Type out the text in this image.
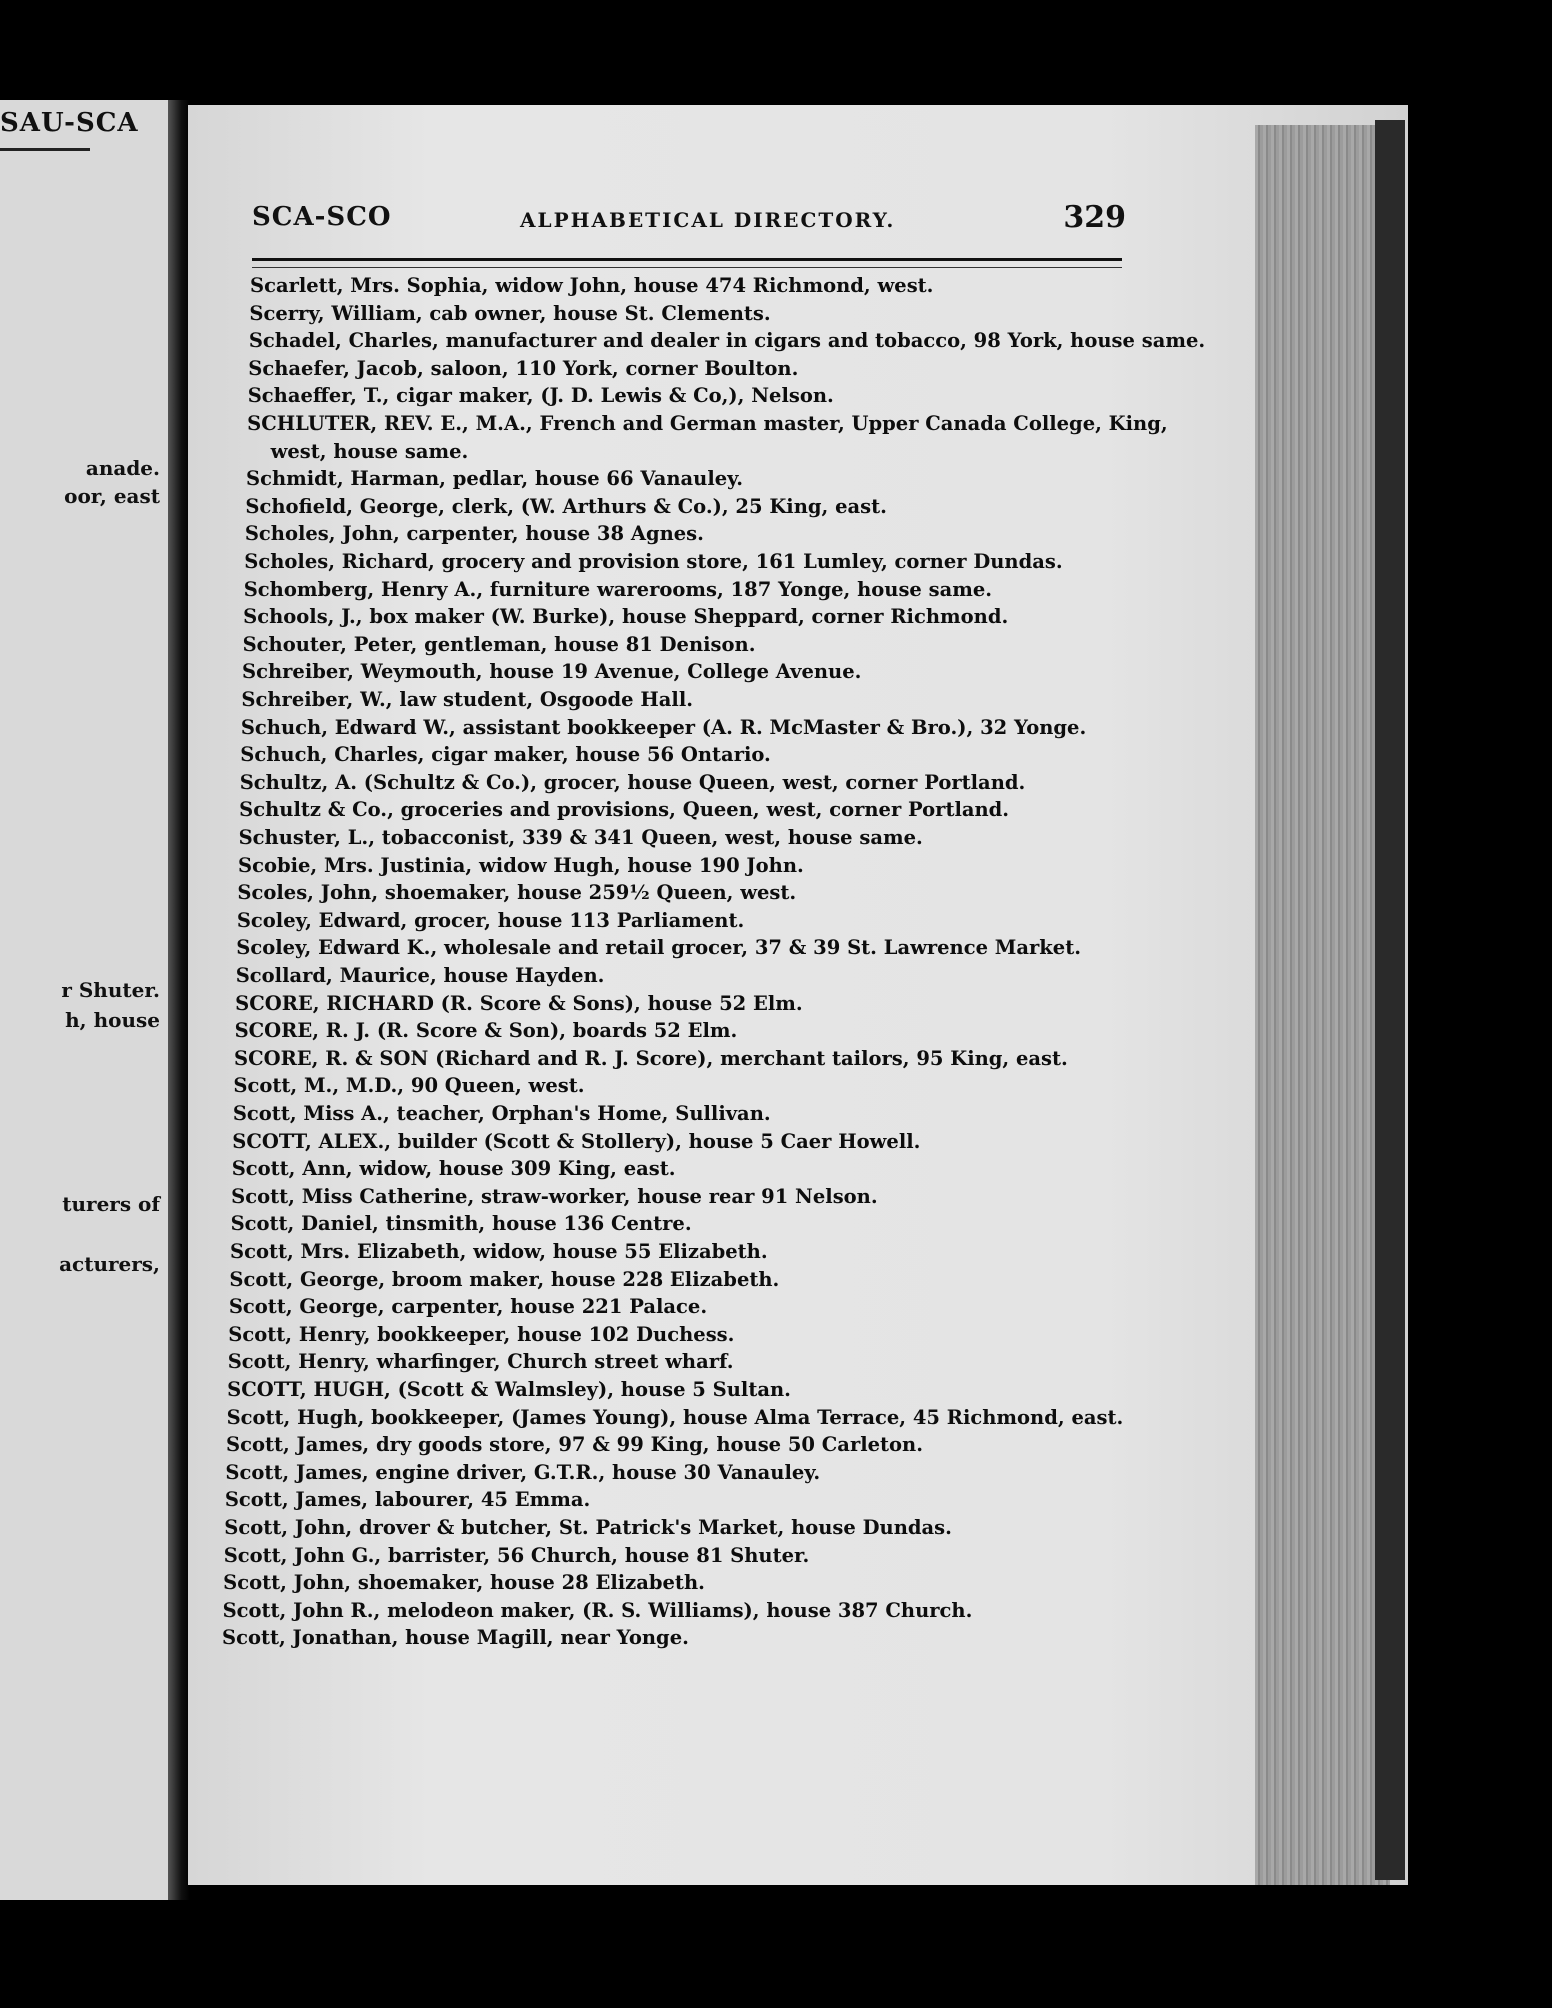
SAU-SCA
anade.
oor, east
r Shuter.
h, house
turers of
acturers,
SCA-SCO	ALPHABETICAL DIRECTORY.	329
Scarlett, Mrs. Sophia, widow John, house 474 Richmond, west.
Scerry, William, cab owner, house St. Clements.
Schadel, Charles, manufacturer and dealer in cigars and tobacco, 98 York, house same.
Schaefer, Jacob, saloon, 110 York, corner Boulton.
Schaeffer, T., cigar maker, (J. D. Lewis & Co,), Nelson.
SCHLUTER, REV. E., M.A., French and German master, Upper Canada College, King,
west, house same.
Schmidt, Harman, pedlar, house 66 Vanauley.
Schofield, George, clerk, (W. Arthurs & Co.), 25 King, east.
Scholes, John, carpenter, house 38 Agnes.
Scholes, Richard, grocery and provision store, 161 Lumley, corner Dundas.
Schomberg, Henry A., furniture warerooms, 187 Yonge, house same.
Schools, J., box maker (W. Burke), house Sheppard, corner Richmond.
Schouter, Peter, gentleman, house 81 Denison.
Schreiber, Weymouth, house 19 Avenue, College Avenue.
Schreiber, W., law student, Osgoode Hall.
Schuch, Edward W., assistant bookkeeper (A. R. McMaster & Bro.), 32 Yonge.
Schuch, Charles, cigar maker, house 56 Ontario.
Schultz, A. (Schultz & Co.), grocer, house Queen, west, corner Portland.
Schultz & Co., groceries and provisions, Queen, west, corner Portland.
Schuster, L., tobacconist, 339 & 341 Queen, west, house same.
Scobie, Mrs. Justinia, widow Hugh, house 190 John.
Scoles, John, shoemaker, house 259½ Queen, west.
Scoley, Edward, grocer, house 113 Parliament.
Scoley, Edward K., wholesale and retail grocer, 37 & 39 St. Lawrence Market.
Scollard, Maurice, house Hayden.
SCORE, RICHARD (R. Score & Sons), house 52 Elm.
SCORE, R. J. (R. Score & Son), boards 52 Elm.
SCORE, R. & SON (Richard and R. J. Score), merchant tailors, 95 King, east.
Scott, M., M.D., 90 Queen, west.
Scott, Miss A., teacher, Orphan's Home, Sullivan.
SCOTT, ALEX., builder (Scott & Stollery), house 5 Caer Howell.
Scott, Ann, widow, house 309 King, east.
Scott, Miss Catherine, straw-worker, house rear 91 Nelson.
Scott, Daniel, tinsmith, house 136 Centre.
Scott, Mrs. Elizabeth, widow, house 55 Elizabeth.
Scott, George, broom maker, house 228 Elizabeth.
Scott, George, carpenter, house 221 Palace.
Scott, Henry, bookkeeper, house 102 Duchess.
Scott, Henry, wharfinger, Church street wharf.
SCOTT, HUGH, (Scott & Walmsley), house 5 Sultan.
Scott, Hugh, bookkeeper, (James Young), house Alma Terrace, 45 Richmond, east.
Scott, James, dry goods store, 97 & 99 King, house 50 Carleton.
Scott, James, engine driver, G.T.R., house 30 Vanauley.
Scott, James, labourer, 45 Emma.
Scott, John, drover & butcher, St. Patrick's Market, house Dundas.
Scott, John G., barrister, 56 Church, house 81 Shuter.
Scott, John, shoemaker, house 28 Elizabeth.
Scott, John R., melodeon maker, (R. S. Williams), house 387 Church.
Scott, Jonathan, house Magill, near Yonge.
